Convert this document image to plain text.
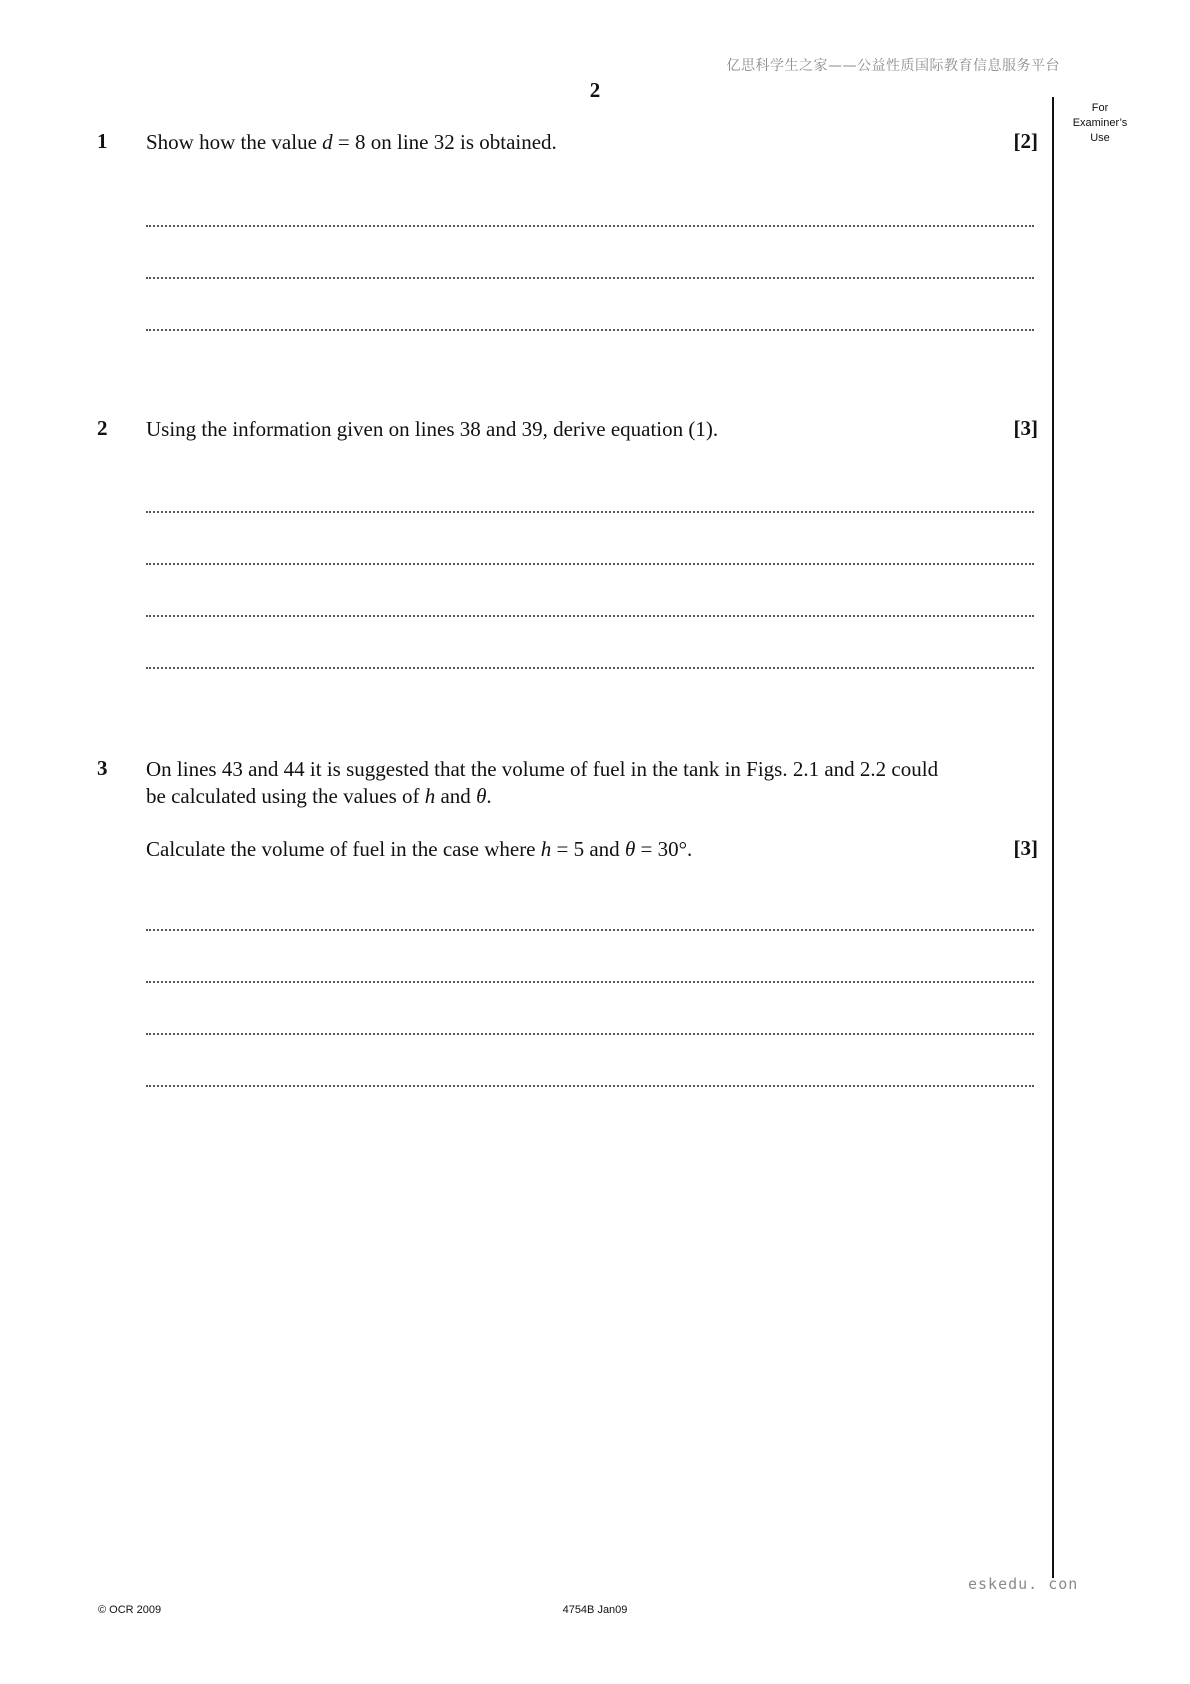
亿思科学生之家——公益性质国际教育信息服务平台
2
For
Examiner’s
Use
1	Show how the value d = 8 on line 32 is obtained.	[2]
2	Using the information given on lines 38 and 39, derive equation (1).	[3]
3	On lines 43 and 44 it is suggested that the volume of fuel in the tank in Figs. 2.1 and 2.2 could
be calculated using the values of h and θ.
Calculate the volume of fuel in the case where h = 5 and θ = 30°.	[3]
eskedu. con
© OCR 2009	4754B Jan09
